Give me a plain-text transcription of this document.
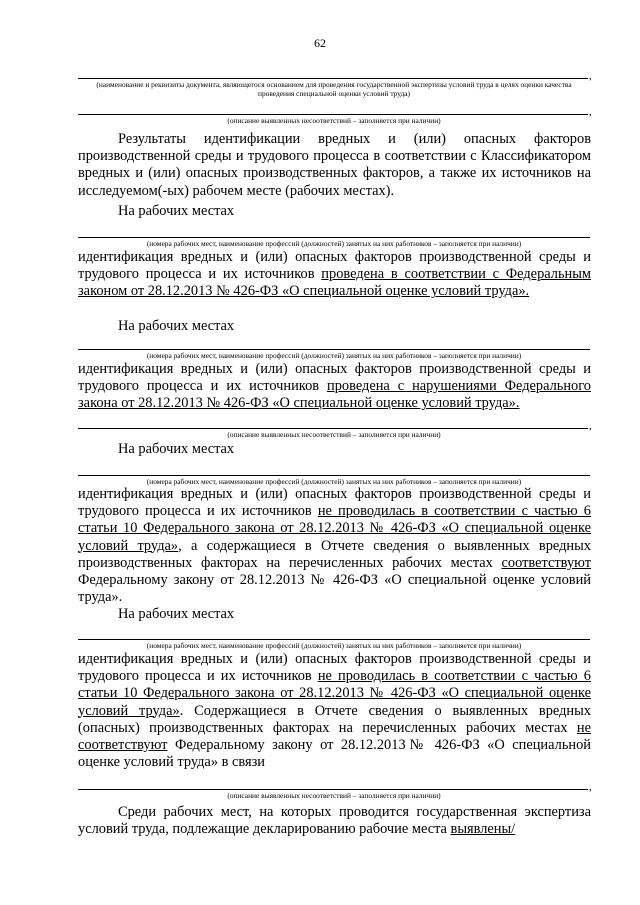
62
,
(наименование и реквизиты документа, являющегося основанием для проведения государственной экспертизы условий труда в целях оценки качества проведения специальной оценки условий труда)
,
(описание выявленных несоответствий – заполняется при наличии)
Результаты идентификации вредных и (или) опасных факторов производственной среды и трудового процесса в соответствии с Классификатором вредных и (или) опасных производственных факторов, а также их источников на исследуемом(-ых) рабочем месте (рабочих местах).
На рабочих местах
(номера рабочих мест, наименование профессий (должностей) занятых на них работников – заполняется при наличии)
идентификация вредных и (или) опасных факторов производственной среды и трудового процесса и их источников проведена в соответствии с Федеральным законом от 28.12.2013 № 426-ФЗ «О специальной оценке условий труда».
На рабочих местах
(номера рабочих мест, наименование профессий (должностей) занятых на них работников – заполняется при наличии)
идентификация вредных и (или) опасных факторов производственной среды и трудового процесса и их источников проведена с нарушениями Федерального закона от 28.12.2013 № 426-ФЗ «О специальной оценке условий труда».
,
(описание выявленных несоответствий – заполняется при наличии)
На рабочих местах
(номера рабочих мест, наименование профессий (должностей) занятых на них работников – заполняется при наличии)
идентификация вредных и (или) опасных факторов производственной среды и трудового процесса и их источников не проводилась в соответствии с частью 6 статьи 10 Федерального закона от 28.12.2013 № 426-ФЗ «О специальной оценке условий труда», а содержащиеся в Отчете сведения о выявленных вредных производственных факторах на перечисленных рабочих местах соответствуют Федеральному закону от 28.12.2013 № 426-ФЗ «О специальной оценке условий труда».
На рабочих местах
(номера рабочих мест, наименование профессий (должностей) занятых на них работников – заполняется при наличии)
идентификация вредных и (или) опасных факторов производственной среды и трудового процесса и их источников не проводилась в соответствии с частью 6 статьи 10 Федерального закона от 28.12.2013 № 426-ФЗ «О специальной оценке условий труда». Содержащиеся в Отчете сведения о выявленных вредных (опасных) производственных факторах на перечисленных рабочих местах не соответствуют Федеральному закону от 28.12.2013№ 426-ФЗ «О специальной оценке условий труда» в связи
,
(описание выявленных несоответствий – заполняется при наличии)
Среди рабочих мест, на которых проводится государственная экспертиза условий труда, подлежащие декларированию рабочие места выявлены/
